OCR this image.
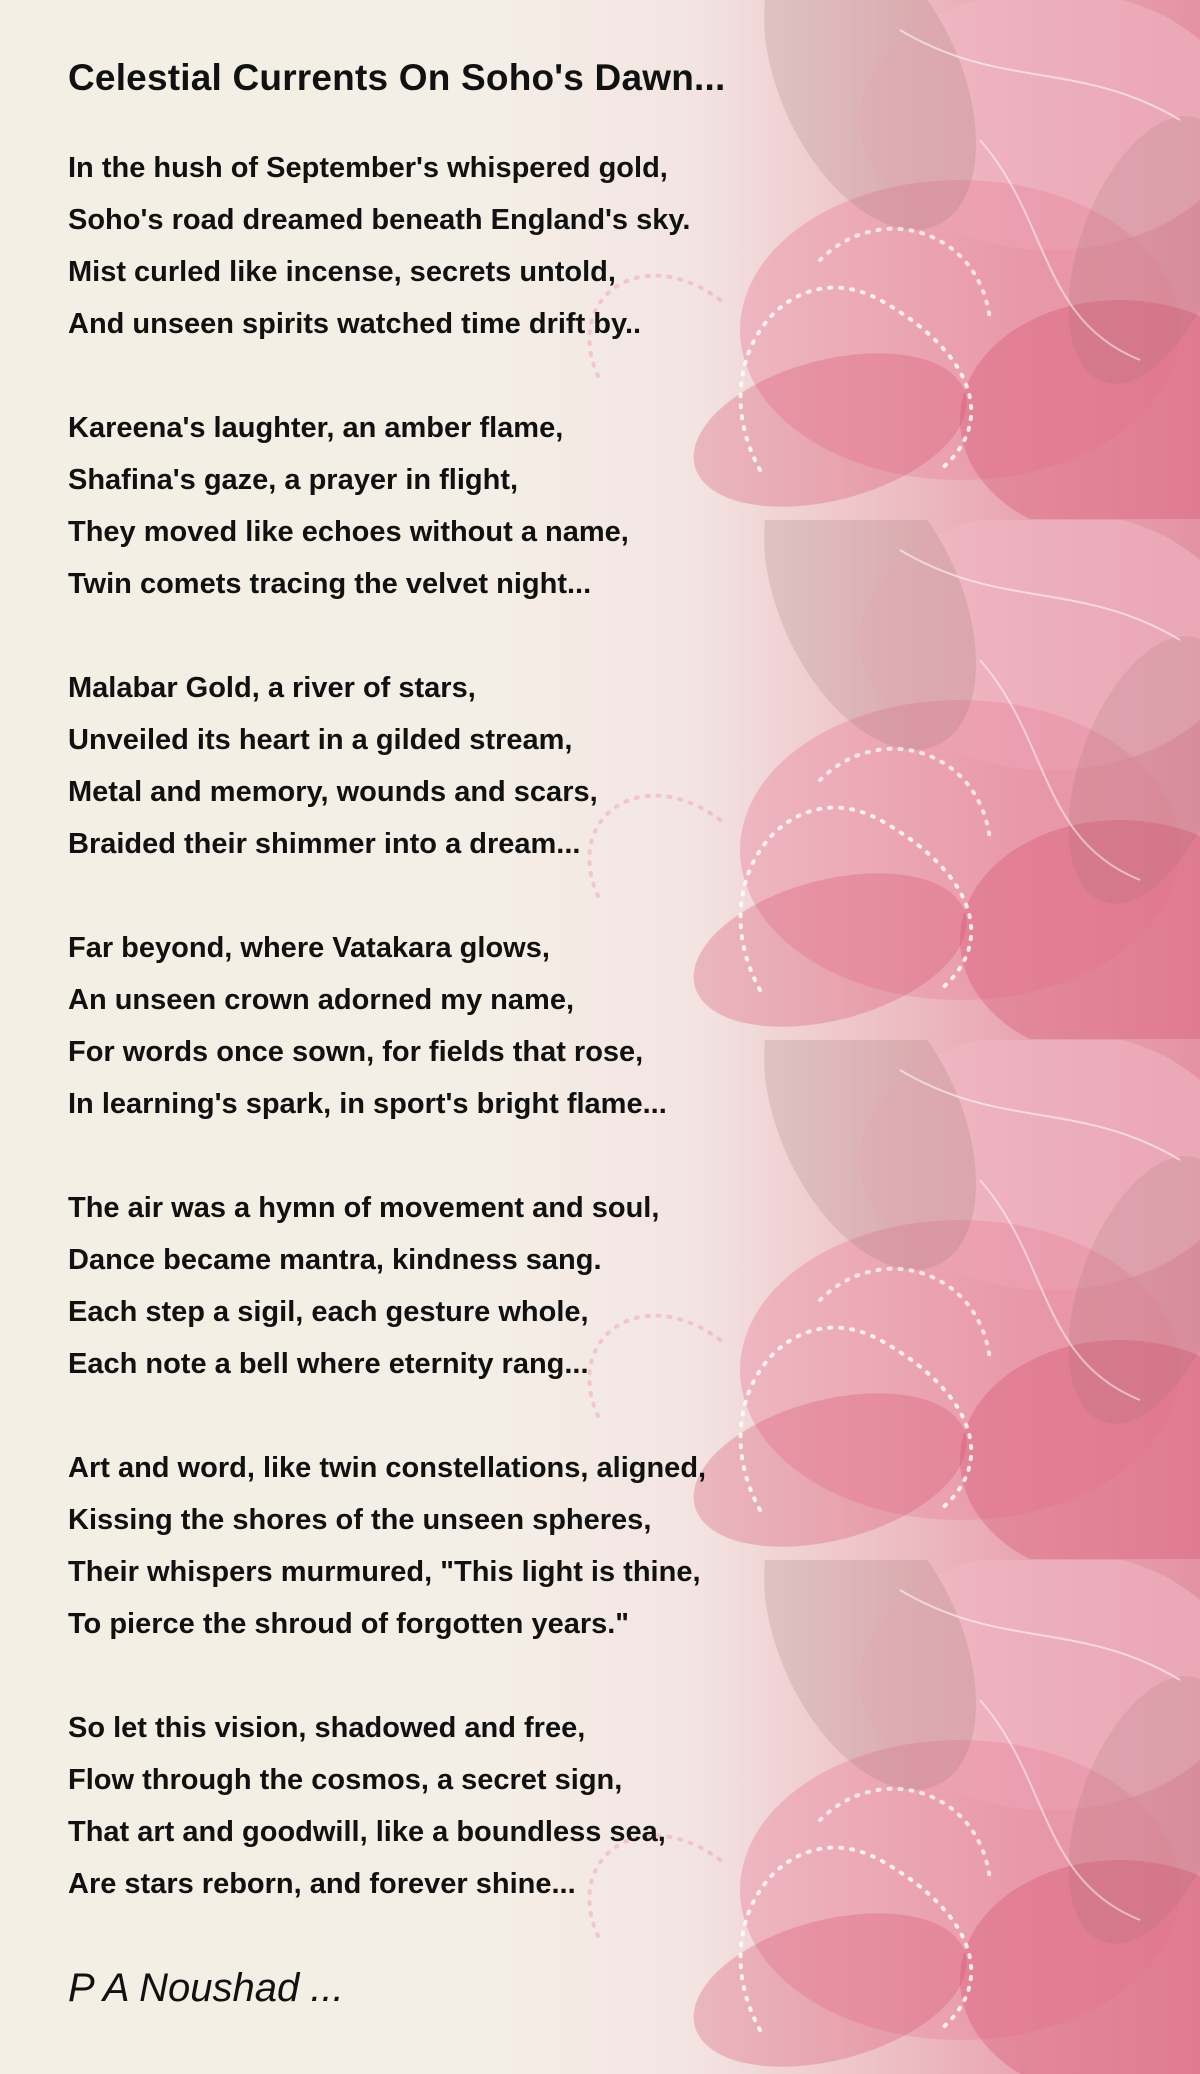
Celestial Currents On Soho's Dawn...
In the hush of September's whispered gold,
Soho's road dreamed beneath England's sky.
Mist curled like incense, secrets untold,
And unseen spirits watched time drift by..
Kareena's laughter, an amber flame,
Shafina's gaze, a prayer in flight,
They moved like echoes without a name,
Twin comets tracing the velvet night...
Malabar Gold, a river of stars,
Unveiled its heart in a gilded stream,
Metal and memory, wounds and scars,
Braided their shimmer into a dream...
Far beyond, where Vatakara glows,
An unseen crown adorned my name,
For words once sown, for fields that rose,
In learning's spark, in sport's bright flame...
The air was a hymn of movement and soul,
Dance became mantra, kindness sang.
Each step a sigil, each gesture whole,
Each note a bell where eternity rang...
Art and word, like twin constellations, aligned,
Kissing the shores of the unseen spheres,
Their whispers murmured, "This light is thine,
To pierce the shroud of forgotten years."
So let this vision, shadowed and free,
Flow through the cosmos, a secret sign,
That art and goodwill, like a boundless sea,
Are stars reborn, and forever shine...
P A Noushad ...
